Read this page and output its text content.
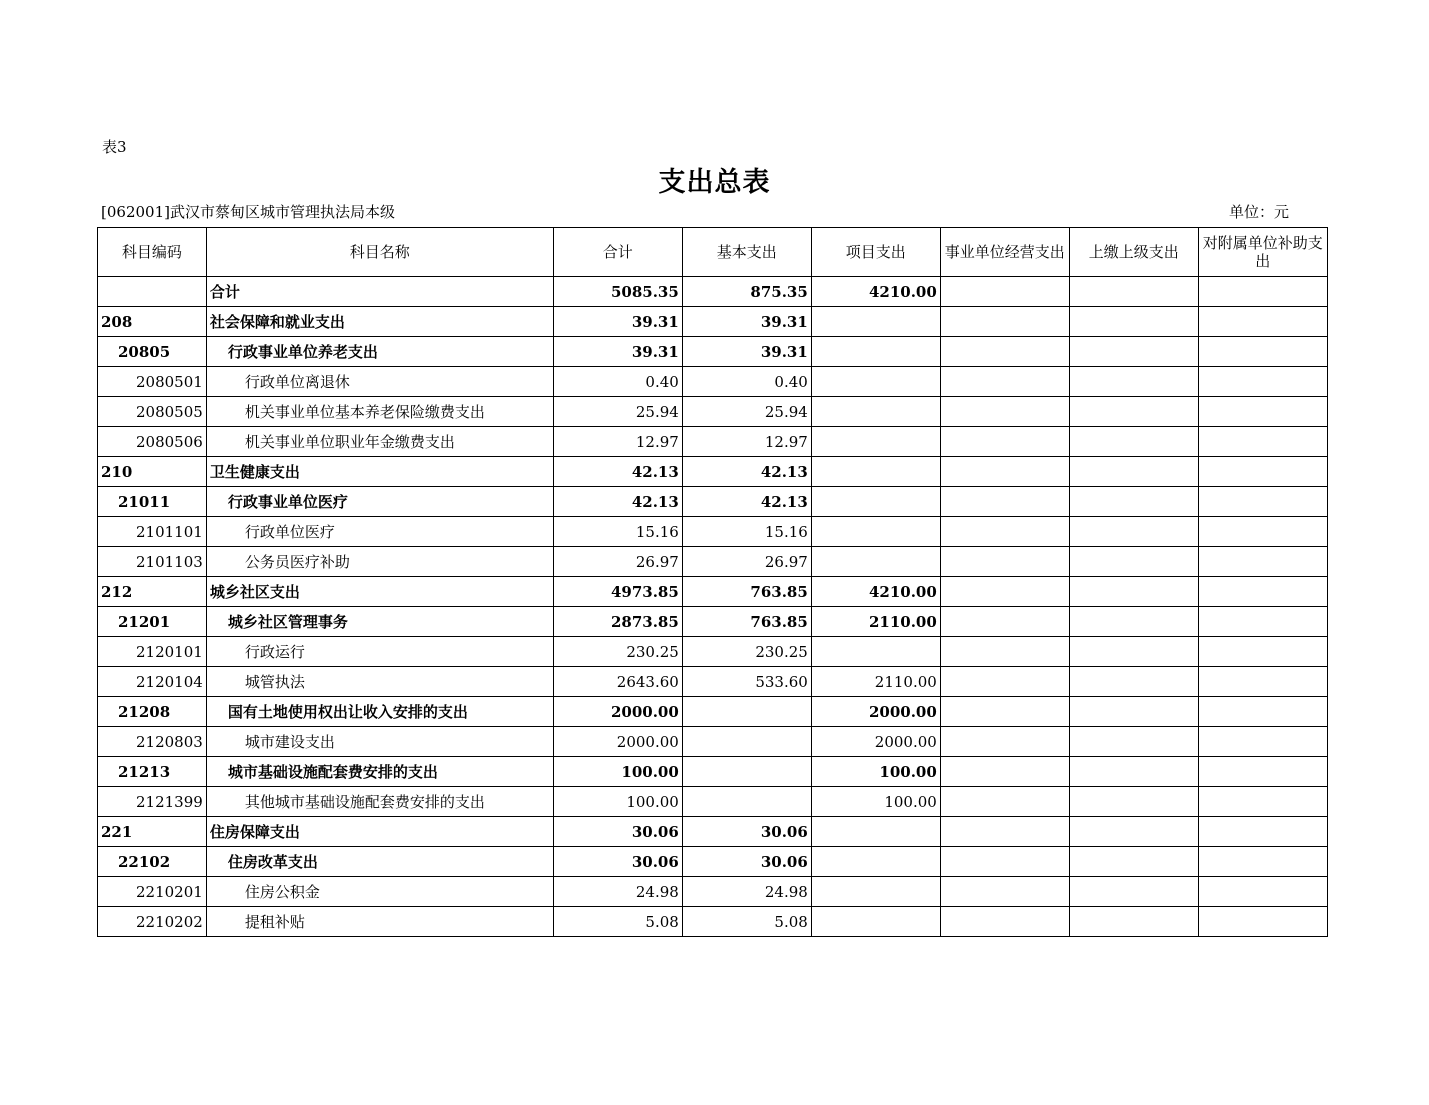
表3
支出总表
[062001]武汉市蔡甸区城市管理执法局本级	单位：元
科目编码	科目名称	合计	基本支出	项目支出	事业单位经营支出	上缴上级支出	对附属单位补助支出
	合计	5085.35	875.35	4210.00			
208	社会保障和就业支出	39.31	39.31				
20805	行政事业单位养老支出	39.31	39.31				
2080501	行政单位离退休	0.40	0.40				
2080505	机关事业单位基本养老保险缴费支出	25.94	25.94				
2080506	机关事业单位职业年金缴费支出	12.97	12.97				
210	卫生健康支出	42.13	42.13				
21011	行政事业单位医疗	42.13	42.13				
2101101	行政单位医疗	15.16	15.16				
2101103	公务员医疗补助	26.97	26.97				
212	城乡社区支出	4973.85	763.85	4210.00			
21201	城乡社区管理事务	2873.85	763.85	2110.00			
2120101	行政运行	230.25	230.25				
2120104	城管执法	2643.60	533.60	2110.00			
21208	国有土地使用权出让收入安排的支出	2000.00		2000.00			
2120803	城市建设支出	2000.00		2000.00			
21213	城市基础设施配套费安排的支出	100.00		100.00			
2121399	其他城市基础设施配套费安排的支出	100.00		100.00			
221	住房保障支出	30.06	30.06				
22102	住房改革支出	30.06	30.06				
2210201	住房公积金	24.98	24.98				
2210202	提租补贴	5.08	5.08				
